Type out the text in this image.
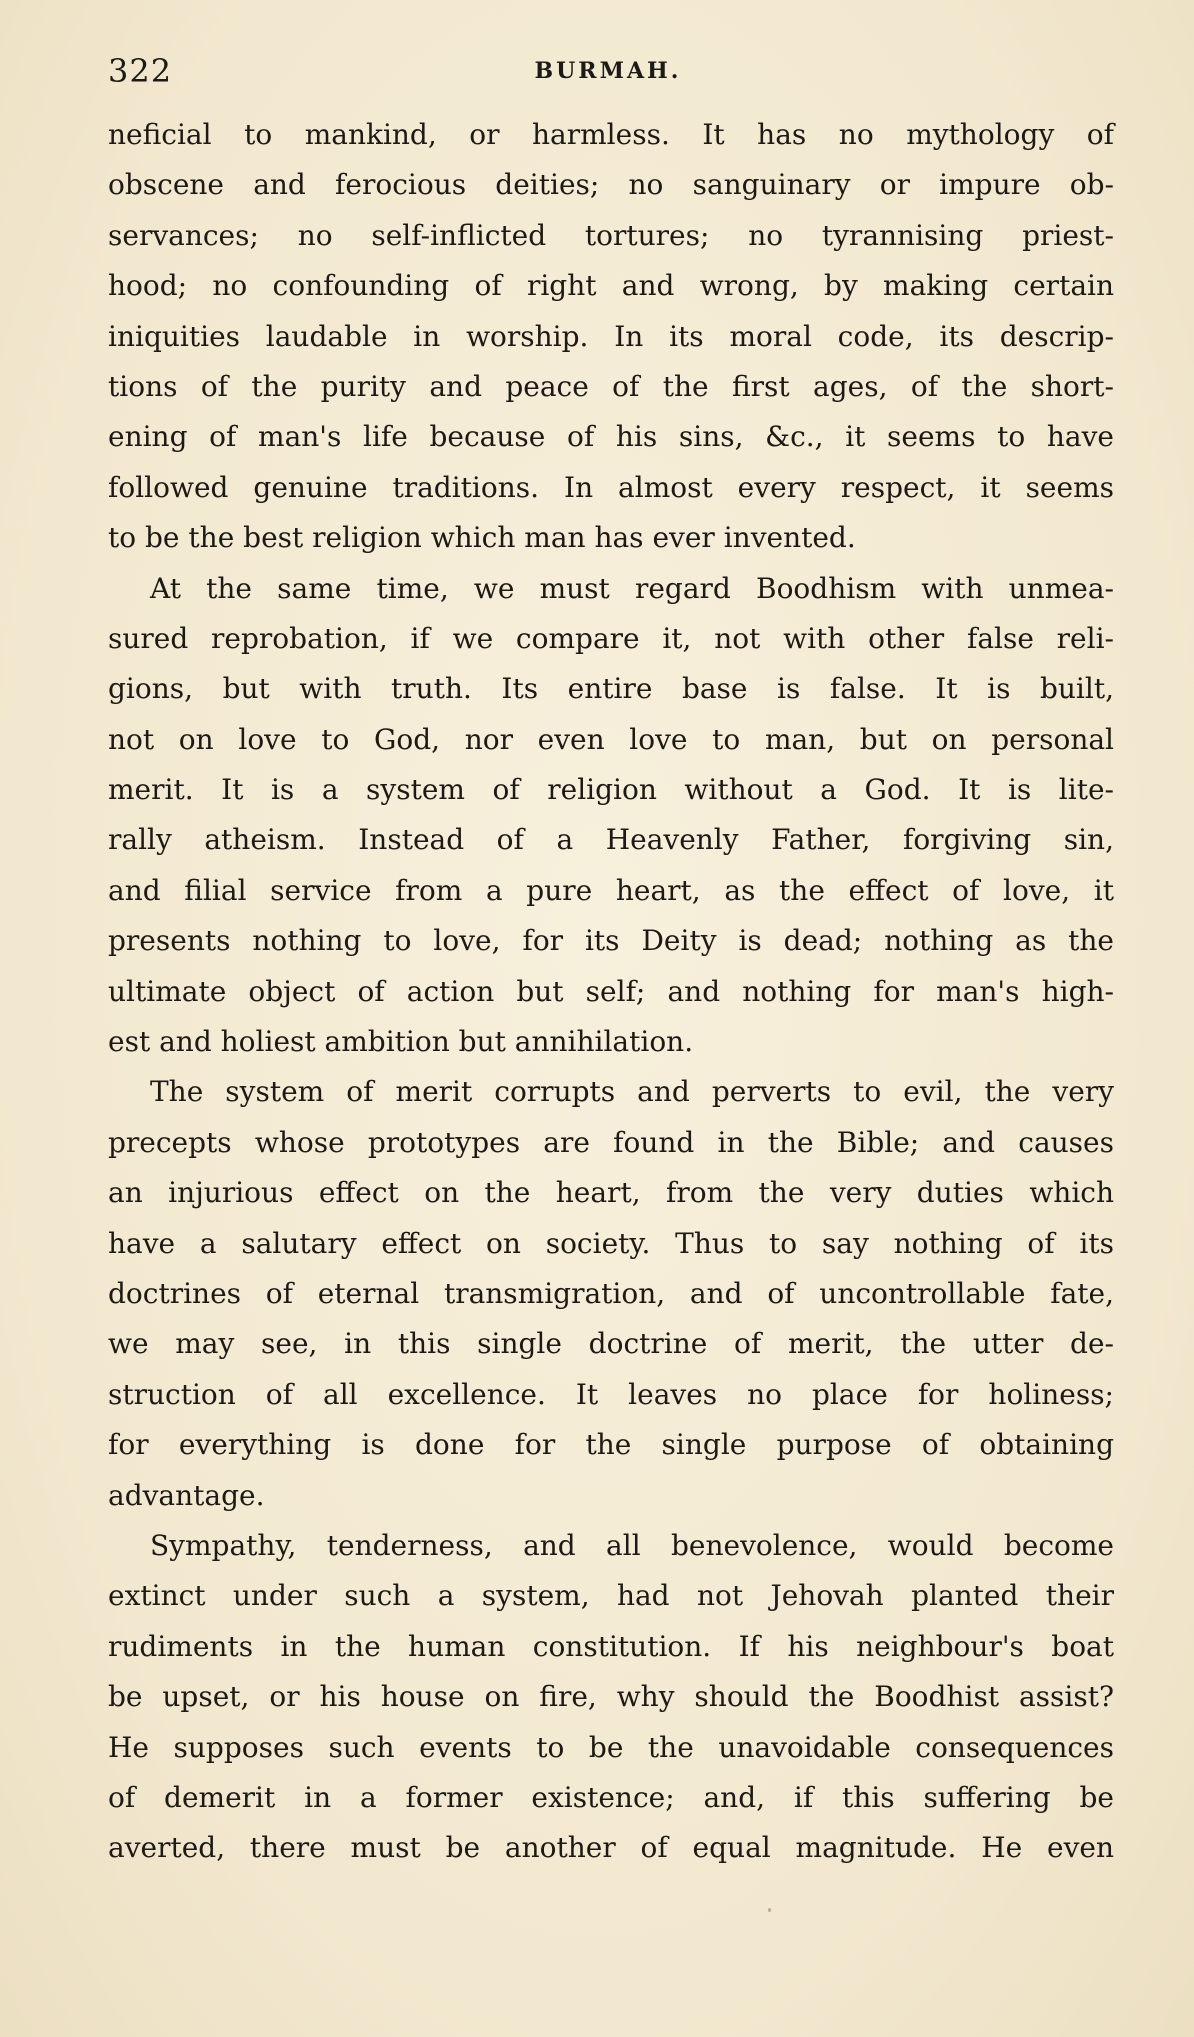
322	BURMAH.
neficial to mankind, or harmless. It has no mythology of
obscene and ferocious deities; no sanguinary or impure ob-
servances; no self-inflicted tortures; no tyrannising priest-
hood; no confounding of right and wrong, by making certain
iniquities laudable in worship. In its moral code, its descrip-
tions of the purity and peace of the first ages, of the short-
ening of man's life because of his sins, &c., it seems to have
followed genuine traditions. In almost every respect, it seems
to be the best religion which man has ever invented.
At the same time, we must regard Boodhism with unmea-
sured reprobation, if we compare it, not with other false reli-
gions, but with truth. Its entire base is false. It is built,
not on love to God, nor even love to man, but on personal
merit. It is a system of religion without a God. It is lite-
rally atheism. Instead of a Heavenly Father, forgiving sin,
and filial service from a pure heart, as the effect of love, it
presents nothing to love, for its Deity is dead; nothing as the
ultimate object of action but self; and nothing for man's high-
est and holiest ambition but annihilation.
The system of merit corrupts and perverts to evil, the very
precepts whose prototypes are found in the Bible; and causes
an injurious effect on the heart, from the very duties which
have a salutary effect on society. Thus to say nothing of its
doctrines of eternal transmigration, and of uncontrollable fate,
we may see, in this single doctrine of merit, the utter de-
struction of all excellence. It leaves no place for holiness;
for everything is done for the single purpose of obtaining
advantage.
Sympathy, tenderness, and all benevolence, would become
extinct under such a system, had not Jehovah planted their
rudiments in the human constitution. If his neighbour's boat
be upset, or his house on fire, why should the Boodhist assist?
He supposes such events to be the unavoidable consequences
of demerit in a former existence; and, if this suffering be
averted, there must be another of equal magnitude. He even
